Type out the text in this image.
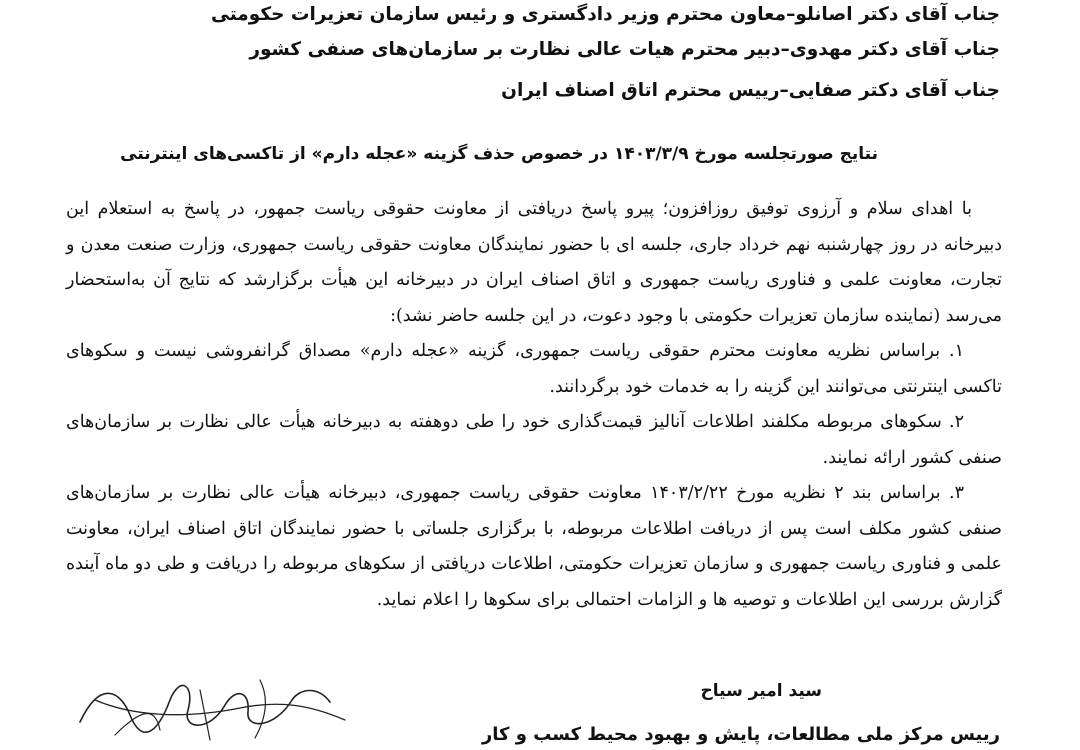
جناب آقای دکتر اصانلو–معاون محترم وزیر دادگستری و رئیس سازمان تعزیرات حکومتی
جناب آقای دکتر مهدوی–دبیر محترم هیات عالی نظارت بر سازمان‌های صنفی کشور
جناب آقای دکتر صفایی–رییس محترم اتاق اصناف ایران
نتایج صورتجلسه مورخ ۱۴۰۳/۳/۹ در خصوص حذف گزینه «عجله دارم» از تاکسی‌های اینترنتی

با اهدای سلام و آرزوی توفیق روزافزون؛ پیرو پاسخ دریافتی از معاونت حقوقی ریاست جمهور، در پاسخ به استعلام این دبیرخانه در روز چهارشنبه نهم خرداد جاری، جلسه ای با حضور نمایندگان معاونت حقوقی ریاست جمهوری، وزارت صنعت معدن و تجارت، معاونت علمی و فناوری ریاست جمهوری و اتاق اصناف ایران در دبیرخانه این هیأت برگزارشد که نتایج آن به‌استحضار می‌رسد (نماینده سازمان تعزیرات حکومتی با وجود دعوت، در این جلسه حاضر نشد):

۱. براساس نظریه معاونت محترم حقوقی ریاست جمهوری، گزینه «عجله دارم» مصداق گرانفروشی نیست و سکوهای تاکسی اینترنتی می‌توانند این گزینه را به خدمات خود برگردانند.

۲. سکوهای مربوطه مکلفند اطلاعات آنالیز قیمت‌گذاری خود را طی دوهفته به دبیرخانه هیأت عالی نظارت بر سازمان‌های صنفی کشور ارائه نمایند.

۳. براساس بند ۲ نظریه مورخ ۱۴۰۳/۲/۲۲ معاونت حقوقی ریاست جمهوری، دبیرخانه هیأت عالی نظارت بر سازمان‌های صنفی کشور مکلف است پس از دریافت اطلاعات مربوطه، با برگزاری جلساتی با حضور نمایندگان اتاق اصناف ایران، معاونت علمی و فناوری ریاست جمهوری و سازمان تعزیرات حکومتی، اطلاعات دریافتی از سکوهای مربوطه را دریافت و طی دو ماه آینده گزارش بررسی این اطلاعات و توصیه ها و الزامات احتمالی برای سکوها را اعلام نماید.

سید امیر سیاح
رییس مرکز ملی مطالعات، پایش و بهبود محیط کسب و کار
